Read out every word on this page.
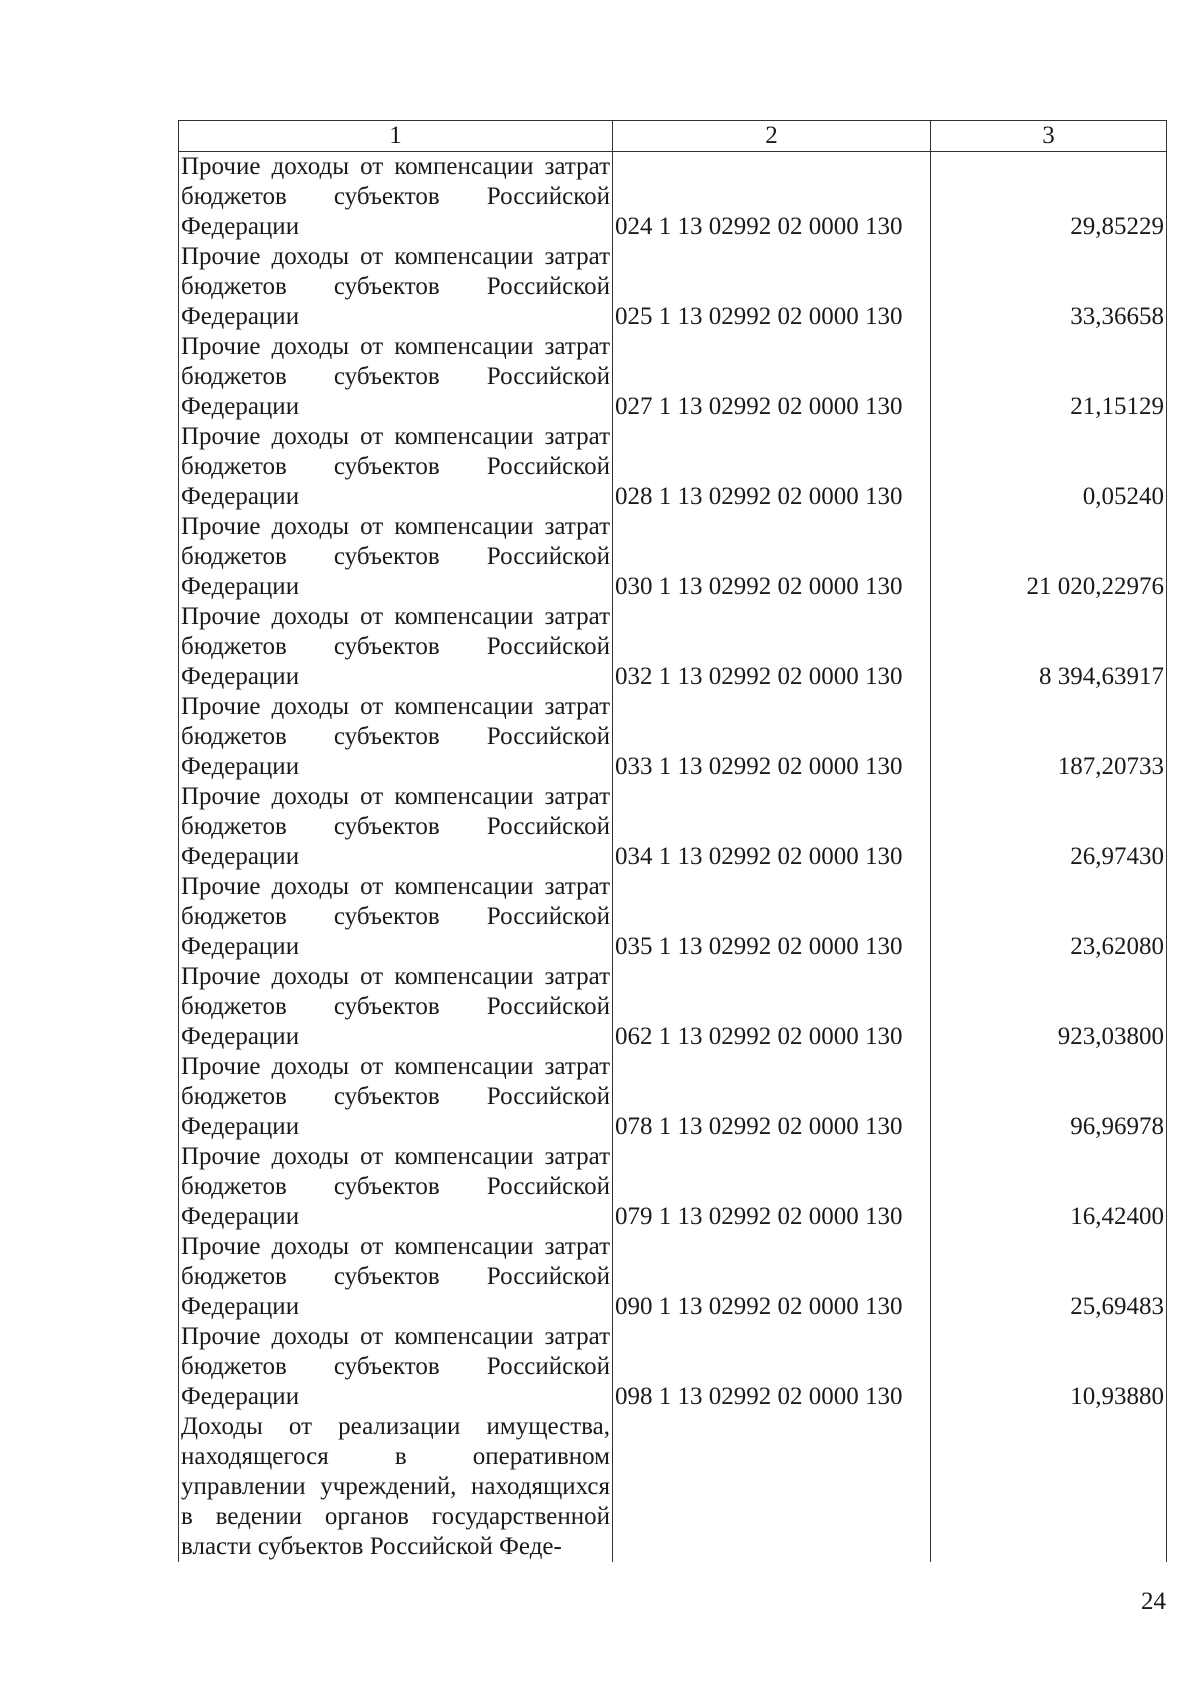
1	2	3
Прочие доходы от компенсации затрат бюджетов субъектов Российской Федерации	024 1 13 02992 02 0000 130	29,85229
Прочие доходы от компенсации затрат бюджетов субъектов Российской Федерации	025 1 13 02992 02 0000 130	33,36658
Прочие доходы от компенсации затрат бюджетов субъектов Российской Федерации	027 1 13 02992 02 0000 130	21,15129
Прочие доходы от компенсации затрат бюджетов субъектов Российской Федерации	028 1 13 02992 02 0000 130	0,05240
Прочие доходы от компенсации затрат бюджетов субъектов Российской Федерации	030 1 13 02992 02 0000 130	21 020,22976
Прочие доходы от компенсации затрат бюджетов субъектов Российской Федерации	032 1 13 02992 02 0000 130	8 394,63917
Прочие доходы от компенсации затрат бюджетов субъектов Российской Федерации	033 1 13 02992 02 0000 130	187,20733
Прочие доходы от компенсации затрат бюджетов субъектов Российской Федерации	034 1 13 02992 02 0000 130	26,97430
Прочие доходы от компенсации затрат бюджетов субъектов Российской Федерации	035 1 13 02992 02 0000 130	23,62080
Прочие доходы от компенсации затрат бюджетов субъектов Российской Федерации	062 1 13 02992 02 0000 130	923,03800
Прочие доходы от компенсации затрат бюджетов субъектов Российской Федерации	078 1 13 02992 02 0000 130	96,96978
Прочие доходы от компенсации затрат бюджетов субъектов Российской Федерации	079 1 13 02992 02 0000 130	16,42400
Прочие доходы от компенсации затрат бюджетов субъектов Российской Федерации	090 1 13 02992 02 0000 130	25,69483
Прочие доходы от компенсации затрат бюджетов субъектов Российской Федерации	098 1 13 02992 02 0000 130	10,93880
Доходы от реализации имущества, находящегося в оперативном управлении учреждений, находящихся в ведении органов государственной власти субъектов Российской Феде-		
24
